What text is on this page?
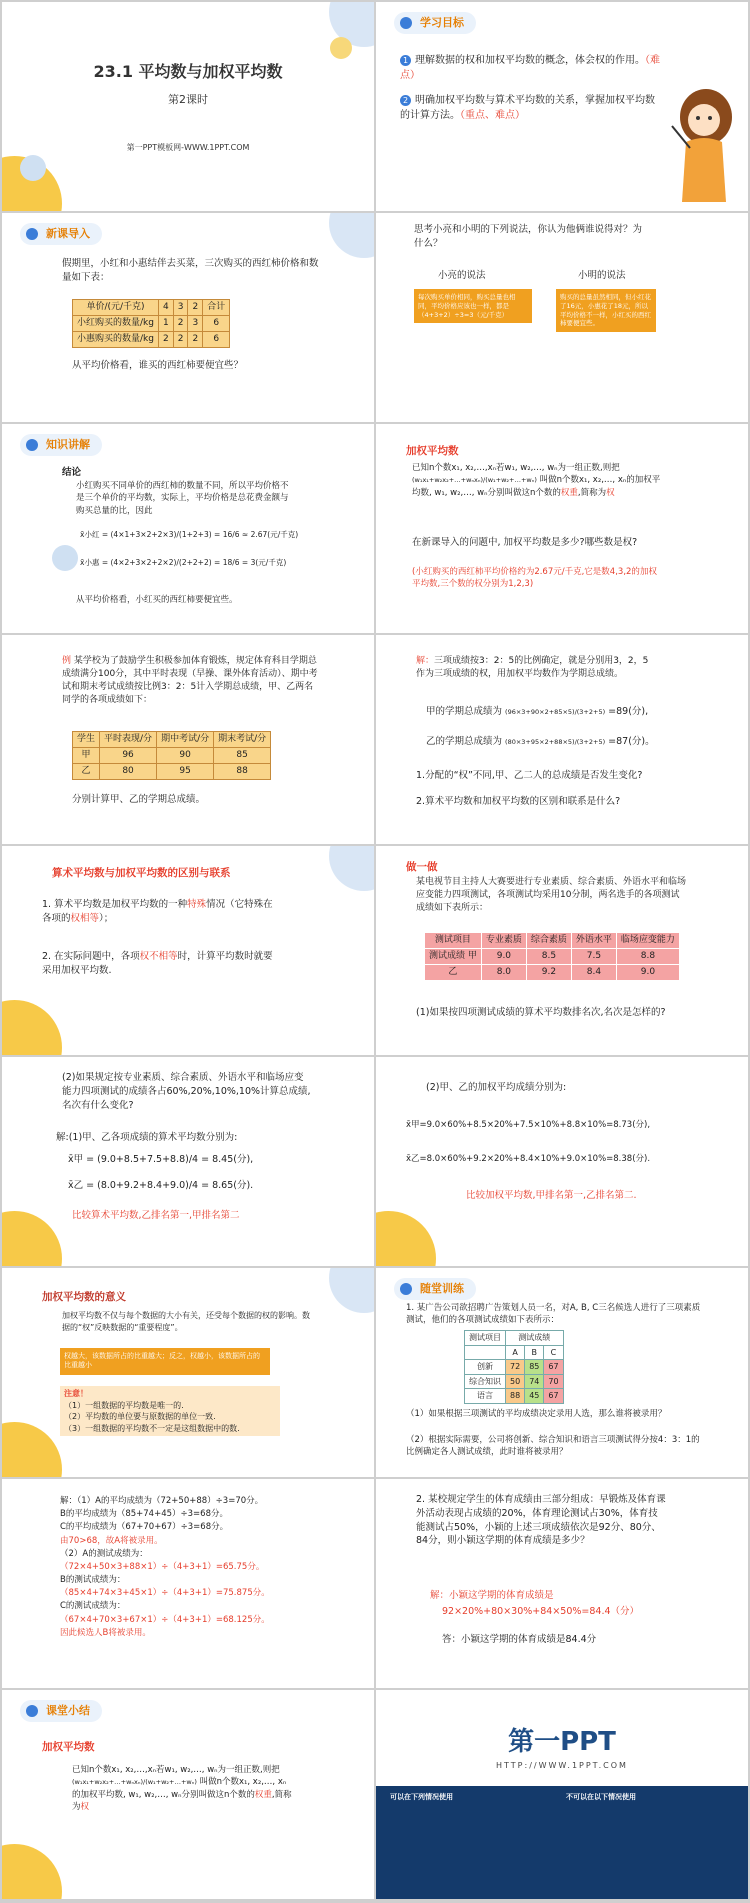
23.1 平均数与加权平均数
第2课时
第一PPT模板网-WWW.1PPT.COM
学习目标
1 理解数据的权和加权平均数的概念，体会权的作用。（难点）
2 明确加权平均数与算术平均数的关系，掌握加权平均数的计算方法。（重点、难点）
新课导入
假期里，小红和小惠结伴去买菜，三次购买的西红柿价格和数量如下表：
单价/(元/千克)	4	3	2	合计
小红购买的数量/kg	1	2	3	6
小惠购买的数量/kg	2	2	2	6
从平均价格看，谁买的西红柿要便宜些？
思考小亮和小明的下列说法，你认为他俩谁说得对？为什么？
小亮的说法	小明的说法
每次购买单价相同，购买总量也相同，平均价格应该也一样，都是（4+3+2）÷3=3（元/千克）
购买的总量虽然相同，但小红花了16元，小惠花了18元，所以平均价格不一样，小红买的西红柿要便宜些。
知识讲解
结论
小红购买不同单价的西红柿的数量不同，所以平均价格不是三个单价的平均数，实际上，平均价格是总花费金额与购买总量的比，因此
x̄小红 = (4×1+3×2+2×3)/(1+2+3) = 16/6 ≈ 2.67(元/千克)
x̄小惠 = (4×2+3×2+2×2)/(2+2+2) = 18/6 = 3(元/千克)
从平均价格看，小红买的西红柿要便宜些。
加权平均数
已知n个数x₁, x₂,…,xₙ若w₁, w₂,…, wₙ为一组正数,则把 (w₁x₁+w₂x₂+…+wₙxₙ)/(w₁+w₂+…+wₙ) 叫做n个数x₁, x₂,…, xₙ的加权平均数, w₁, w₂,…, wₙ分别叫做这n个数的权重,简称为权
在新课导入的问题中, 加权平均数是多少?哪些数是权?
(小红购买的西红柿平均价格约为2.67元/千克,它是数4,3,2的加权平均数,三个数的权分别为1,2,3)
例 某学校为了鼓励学生积极参加体育锻炼，规定体育科目学期总成绩满分100分，其中平时表现（早操、课外体育活动）、期中考试和期末考试成绩按比例3：2：5计入学期总成绩，甲、乙两名同学的各项成绩如下：
学生	平时表现/分	期中考试/分	期末考试/分
甲	96	90	85
乙	80	95	88
分别计算甲、乙的学期总成绩。
解：三项成绩按3：2：5的比例确定，就是分别用3，2，5作为三项成绩的权，用加权平均数作为学期总成绩。
甲的学期总成绩为 (96×3+90×2+85×5)/(3+2+5) =89(分),
乙的学期总成绩为 (80×3+95×2+88×5)/(3+2+5) =87(分)。
1.分配的“权”不同,甲、乙二人的总成绩是否发生变化?
2.算术平均数和加权平均数的区别和联系是什么?
算术平均数与加权平均数的区别与联系
1. 算术平均数是加权平均数的一种特殊情况（它特殊在各项的权相等）；
2. 在实际问题中，各项权不相等时，计算平均数时就要采用加权平均数.
做一做
某电视节目主持人大赛要进行专业素质、综合素质、外语水平和临场应变能力四项测试，各项测试均采用10分制，两名选手的各项测试成绩如下表所示：
测试项目	专业素质	综合素质	外语水平	临场应变能力
测试成绩 甲	9.0	8.5	7.5	8.8
乙	8.0	9.2	8.4	9.0
(1)如果按四项测试成绩的算术平均数排名次,名次是怎样的?
(2)如果规定按专业素质、综合素质、外语水平和临场应变能力四项测试的成绩各占60%,20%,10%,10%计算总成绩,名次有什么变化?
解:(1)甲、乙各项成绩的算术平均数分别为:
x̄甲 = (9.0+8.5+7.5+8.8)/4 = 8.45(分),
x̄乙 = (8.0+9.2+8.4+9.0)/4 = 8.65(分).
比较算术平均数,乙排名第一,甲排名第二
(2)甲、乙的加权平均成绩分别为:
x̄甲=9.0×60%+8.5×20%+7.5×10%+8.8×10%=8.73(分),
x̄乙=8.0×60%+9.2×20%+8.4×10%+9.0×10%=8.38(分).
比较加权平均数,甲排名第一,乙排名第二.
加权平均数的意义
加权平均数不仅与每个数据的大小有关，还受每个数据的权的影响。数据的“权”反映数据的“重要程度”。
权越大，该数据所占的比重越大；反之，权越小，该数据所占的比重越小
注意！
（1）一组数据的平均数是唯一的.
（2）平均数的单位要与原数据的单位一致.
（3）一组数据的平均数不一定是这组数据中的数.
随堂训练
1. 某广告公司欲招聘广告策划人员一名，对A, B, C三名候选人进行了三项素质测试，他们的各项测试成绩如下表所示：
测试项目	测试成绩		
	A	B	C
创新	72	85	67
综合知识	50	74	70
语言	88	45	67
（1）如果根据三项测试的平均成绩决定录用人选，那么谁将被录用？
（2）根据实际需要，公司将创新、综合知识和语言三项测试得分按4：3：1的比例确定各人测试成绩，此时谁将被录用？
解：（1）A的平均成绩为（72+50+88）÷3=70分。
B的平均成绩为（85+74+45）÷3=68分。
C的平均成绩为（67+70+67）÷3=68分。
由70>68，故A将被录用。
（2）A的测试成绩为：
（72×4+50×3+88×1）÷（4+3+1）=65.75分。
B的测试成绩为：
（85×4+74×3+45×1）÷（4+3+1）=75.875分。
C的测试成绩为：
（67×4+70×3+67×1）÷（4+3+1）=68.125分。
因此候选人B将被录用。
2. 某校规定学生的体育成绩由三部分组成：早锻炼及体育课外活动表现占成绩的20%，体育理论测试占30%，体育技能测试占50%，小颖的上述三项成绩依次是92分、80分、84分，则小颖这学期的体育成绩是多少？
解：小颖这学期的体育成绩是
92×20%+80×30%+84×50%=84.4（分）
答：小颖这学期的体育成绩是84.4分
课堂小结
加权平均数
已知n个数x₁, x₂,…,xₙ若w₁, w₂,…, wₙ为一组正数,则把 (w₁x₁+w₂x₂+…+wₙxₙ)/(w₁+w₂+…+wₙ) 叫做n个数x₁, x₂,…, xₙ的加权平均数, w₁, w₂,…, wₙ分别叫做这n个数的权重,简称为权
第一PPT
HTTP://WWW.1PPT.COM
可以在下列情况使用	不可以在以下情况使用
